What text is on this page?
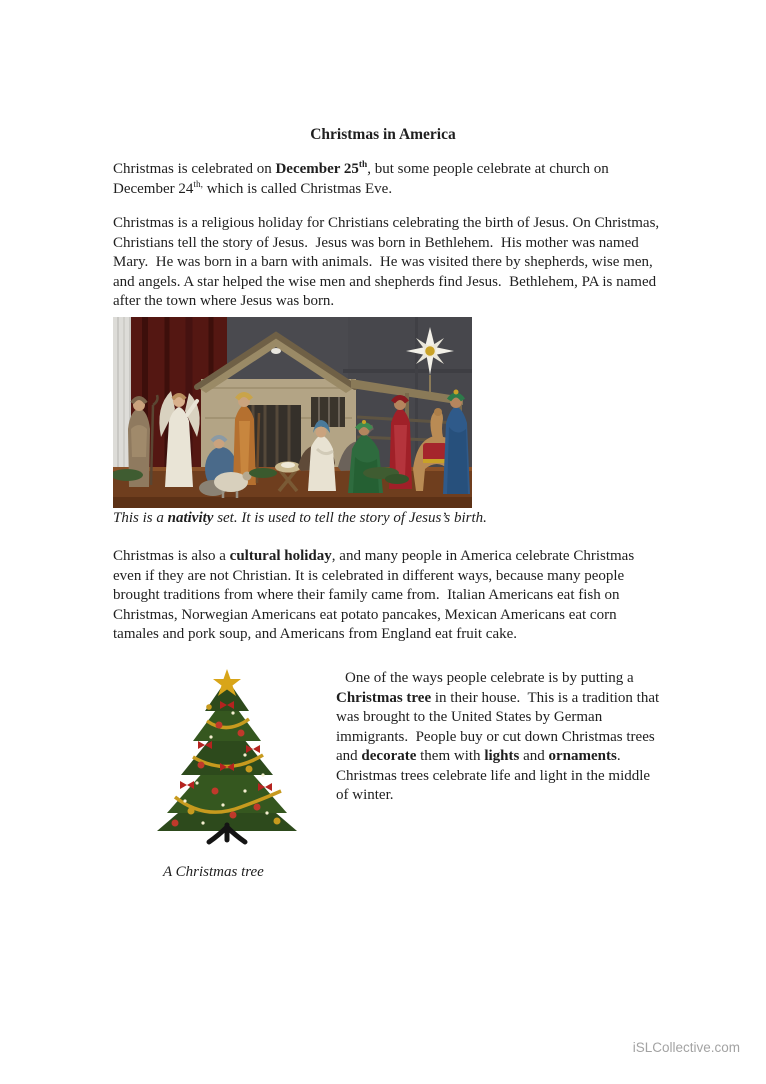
Christmas in America

Christmas is celebrated on December 25th, but some people celebrate at church on December $24^{th,}$ which is called Christmas Eve.

Christmas is a religious holiday for Christians celebrating the birth of Jesus. On Christmas, Christians tell the story of Jesus.  Jesus was born in Bethlehem.  His mother was named Mary.  He was born in a barn with animals.  He was visited there by shepherds, wise men, and angels. A star helped the wise men and shepherds find Jesus.  Bethlehem, PA is named after the town where Jesus was born.

This is a nativity set. It is used to tell the story of Jesus’s birth.

Christmas is also a cultural holiday, and many people in America celebrate Christmas even if they are not Christian. It is celebrated in different ways, because many people brought traditions from where their family came from.  Italian Americans eat fish on Christmas, Norwegian Americans eat potato pancakes, Mexican Americans eat corn tamales and pork soup, and Americans from England eat fruit cake.

One of the ways people celebrate is by putting a Christmas tree in their house.  This is a tradition that was brought to the United States by German immigrants.  People buy or cut down Christmas trees and decorate them with lights and ornaments.  Christmas trees celebrate life and light in the middle of winter.

A Christmas tree

iSLCollective.com
